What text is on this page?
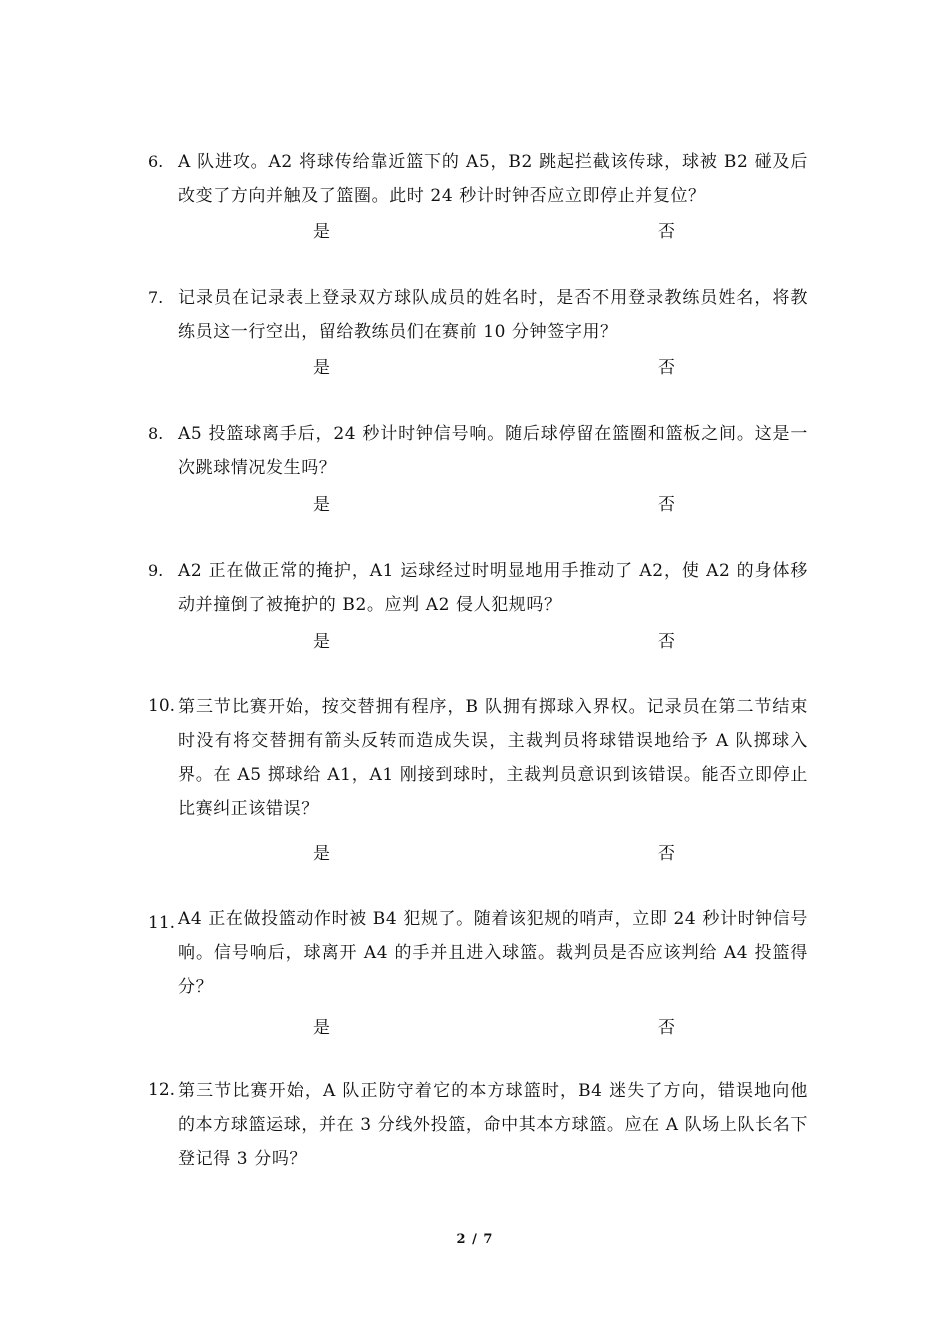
6. A 队进攻。A2 将球传给靠近篮下的 A5，B2 跳起拦截该传球，球被 B2 碰及后改变了方向并触及了篮圈。此时 24 秒计时钟否应立即停止并复位？
是	否
7. 记录员在记录表上登录双方球队成员的姓名时，是否不用登录教练员姓名，将教练员这一行空出，留给教练员们在赛前 10 分钟签字用？
是	否
8. A5 投篮球离手后，24 秒计时钟信号响。随后球停留在篮圈和篮板之间。这是一次跳球情况发生吗？
是	否
9. A2 正在做正常的掩护，A1 运球经过时明显地用手推动了 A2，使 A2 的身体移动并撞倒了被掩护的 B2。应判 A2 侵人犯规吗？
是	否
10. 第三节比赛开始，按交替拥有程序，B 队拥有掷球入界权。记录员在第二节结束时没有将交替拥有箭头反转而造成失误，主裁判员将球错误地给予 A 队掷球入界。在 A5 掷球给 A1，A1 刚接到球时，主裁判员意识到该错误。能否立即停止比赛纠正该错误？
是	否
11. A4 正在做投篮动作时被 B4 犯规了。随着该犯规的哨声，立即 24 秒计时钟信号响。信号响后，球离开 A4 的手并且进入球篮。裁判员是否应该判给 A4 投篮得分？
是	否
12. 第三节比赛开始，A 队正防守着它的本方球篮时，B4 迷失了方向，错误地向他的本方球篮运球，并在 3 分线外投篮，命中其本方球篮。应在 A 队场上队长名下登记得 3 分吗？
2 / 7
